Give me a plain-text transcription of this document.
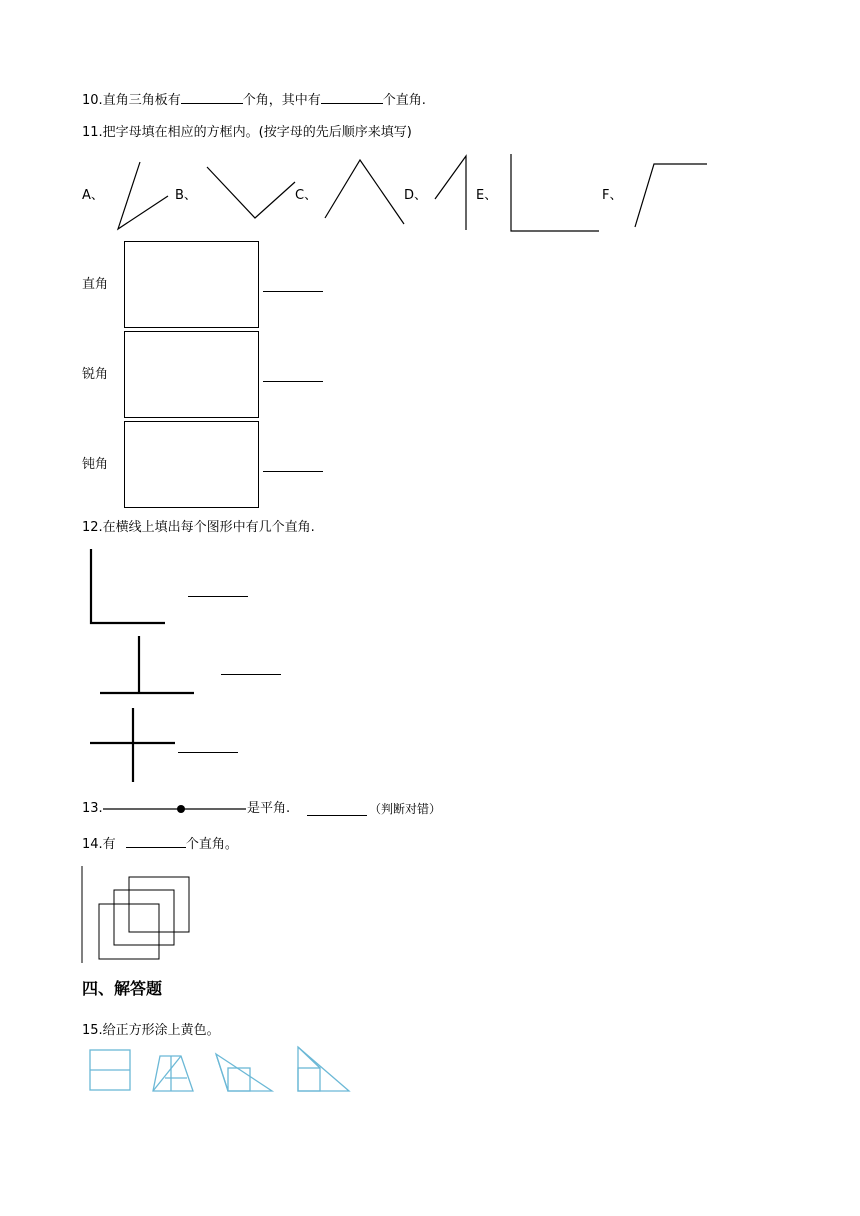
10.直角三角板有	个角，其中有	个直角.
11.把字母填在相应的方框内。(按字母的先后顺序来填写)
A、	B、	C、	D、	E、	F、
直角
锐角
钝角
12.在横线上填出每个图形中有几个直角.
13.	是平角.	（判断对错）
14.有	个直角。
四、解答题
15.给正方形涂上黄色。
